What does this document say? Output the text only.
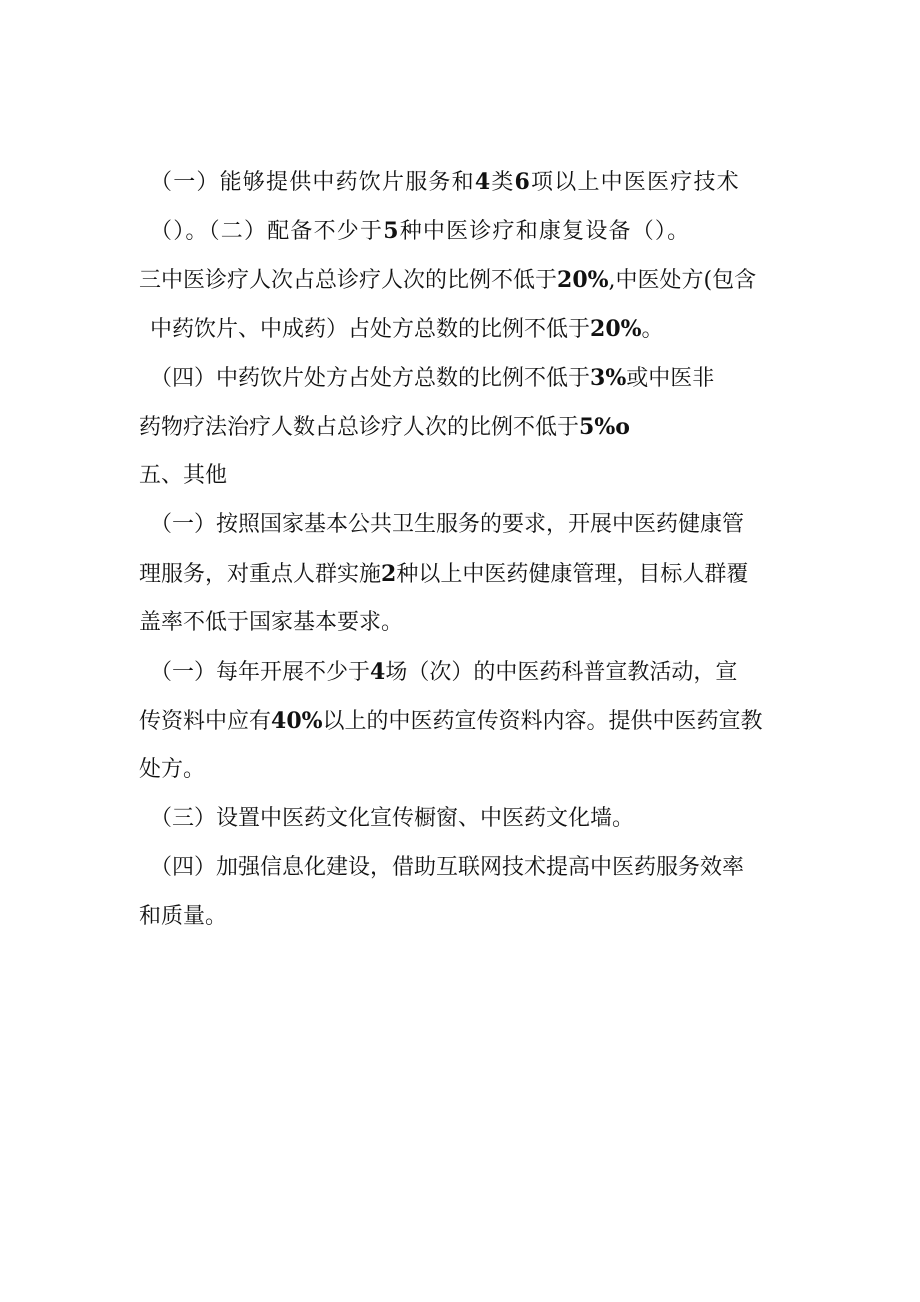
（一）能够提供中药饮片服务和4类6项以上中医医疗技术
（）。（二）配备不少于5种中医诊疗和康复设备（）。
三中医诊疗人次占总诊疗人次的比例不低于20%,中医处方(包含
中药饮片、中成药）占处方总数的比例不低于20%。
（四）中药饮片处方占处方总数的比例不低于3%或中医非
药物疗法治疗人数占总诊疗人次的比例不低于5%o
五、其他
（一）按照国家基本公共卫生服务的要求，开展中医药健康管
理服务，对重点人群实施2种以上中医药健康管理，目标人群覆
盖率不低于国家基本要求。
（一）每年开展不少于4场（次）的中医药科普宣教活动，宣
传资料中应有40%以上的中医药宣传资料内容。提供中医药宣教
处方。
（三）设置中医药文化宣传橱窗、中医药文化墙。
（四）加强信息化建设，借助互联网技术提高中医药服务效率
和质量。
